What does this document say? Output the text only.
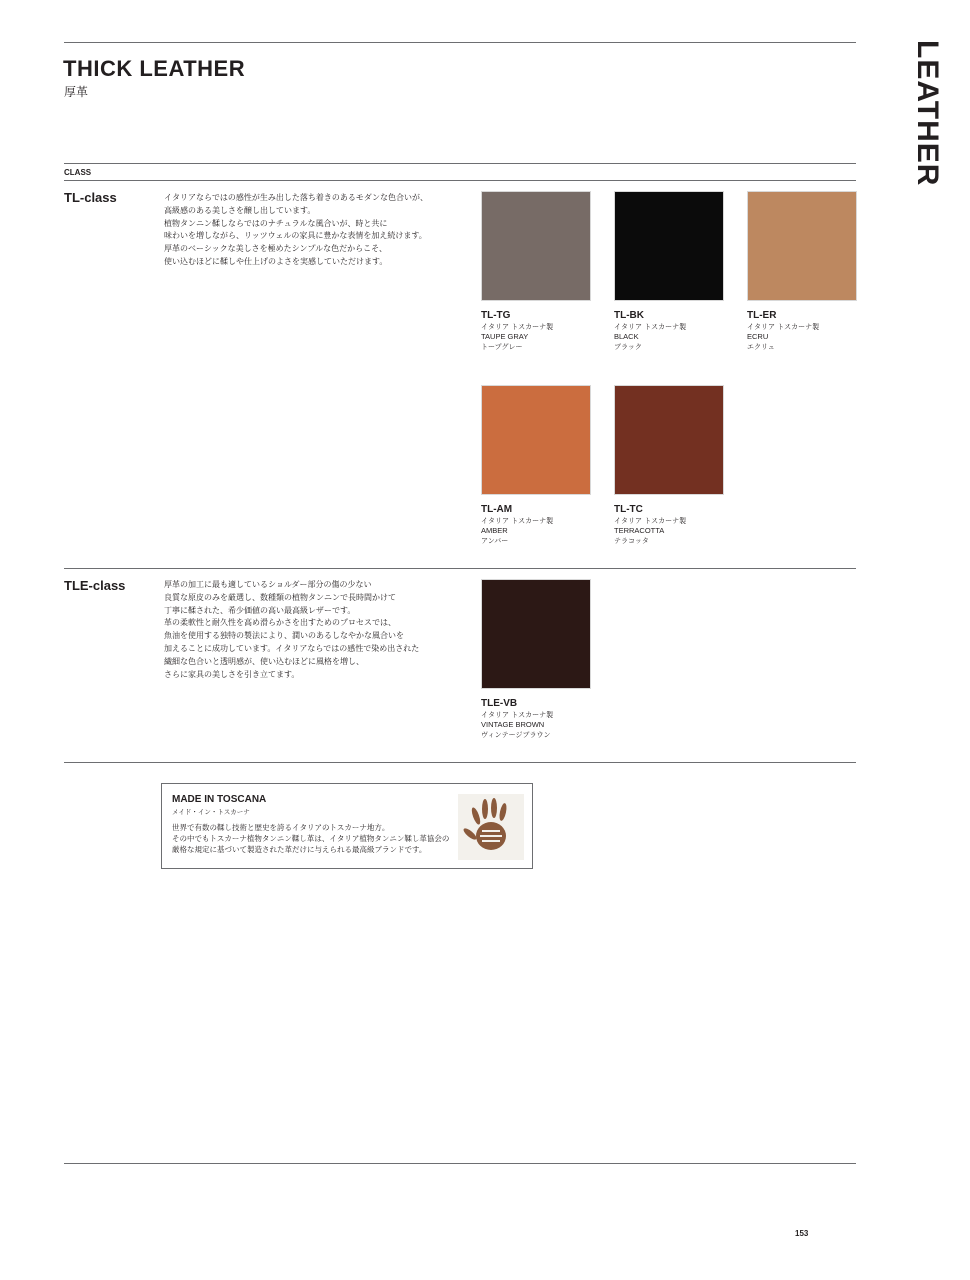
THICK LEATHER
厚革	LEATHER
CLASS
TL-class	イタリアならではの感性が生み出した落ち着きのあるモダンな色合いが、
高級感のある美しさを醸し出しています。
植物タンニン鞣しならではのナチュラルな風合いが、時と共に
味わいを増しながら、リッツウェルの家具に豊かな表情を加え続けます。
厚革のベーシックな美しさを極めたシンプルな色だからこそ、
使い込むほどに鞣しや仕上げのよさを実感していただけます。
TL-TG
イタリア トスカーナ製
TAUPE GRAY
トープグレー
TL-BK
イタリア トスカーナ製
BLACK
ブラック
TL-ER
イタリア トスカーナ製
ECRU
エクリュ
TL-AM
イタリア トスカーナ製
AMBER
アンバー
TL-TC
イタリア トスカーナ製
TERRACOTTA
テラコッタ
TLE-class	厚革の加工に最も適しているショルダー部分の傷の少ない
良質な原皮のみを厳選し、数種類の植物タンニンで長時間かけて
丁寧に鞣された、希少価値の高い最高級レザーです。
革の柔軟性と耐久性を高め滑らかさを出すためのプロセスでは、
魚油を使用する独特の製法により、潤いのあるしなやかな風合いを
加えることに成功しています。イタリアならではの感性で染め出された
繊細な色合いと透明感が、使い込むほどに風格を増し、
さらに家具の美しさを引き立てます。
TLE-VB
イタリア トスカーナ製
VINTAGE BROWN
ヴィンテージブラウン
MADE IN TOSCANA
メイド・イン・トスカーナ
世界で有数の鞣し技術と歴史を誇るイタリアのトスカーナ地方。
その中でもトスカーナ植物タンニン鞣し革は、イタリア植物タンニン鞣し革協会の
厳格な規定に基づいて製造された革だけに与えられる最高級ブランドです。
153
